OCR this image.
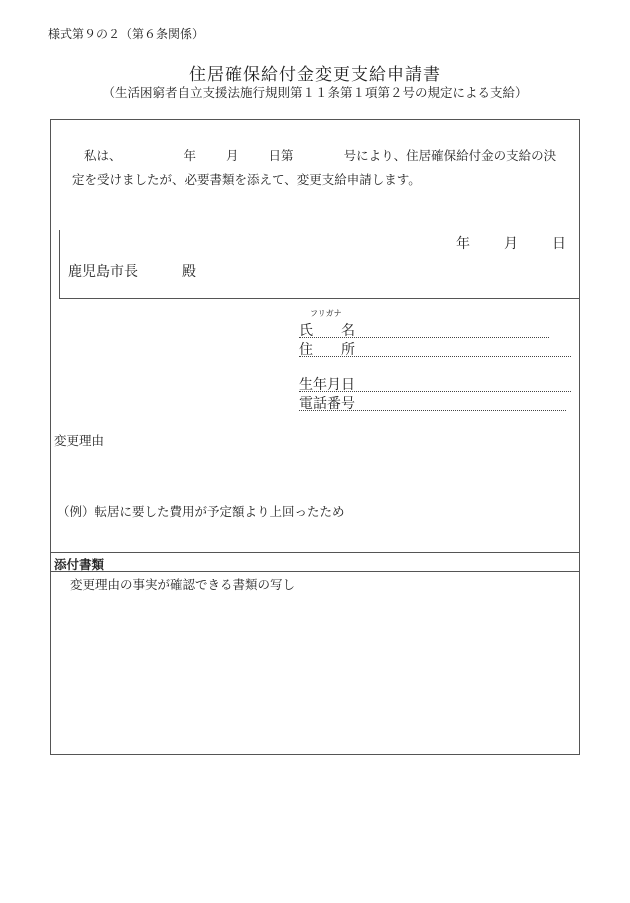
様式第９の２（第６条関係）
住居確保給付金変更支給申請書
（生活困窮者自立支援法施行規則第１１条第１項第２号の規定による支給）
私は、	年 月 日第	号により、住居確保給付金の支給の決
定を受けましたが、必要書類を添えて、変更支給申請します。
年 月 日
鹿児島市長	殿
フリガナ
氏　　名
住　　所
生年月日
電話番号
変更理由
（例）転居に要した費用が予定額より上回ったため
添付書類
変更理由の事実が確認できる書類の写し
